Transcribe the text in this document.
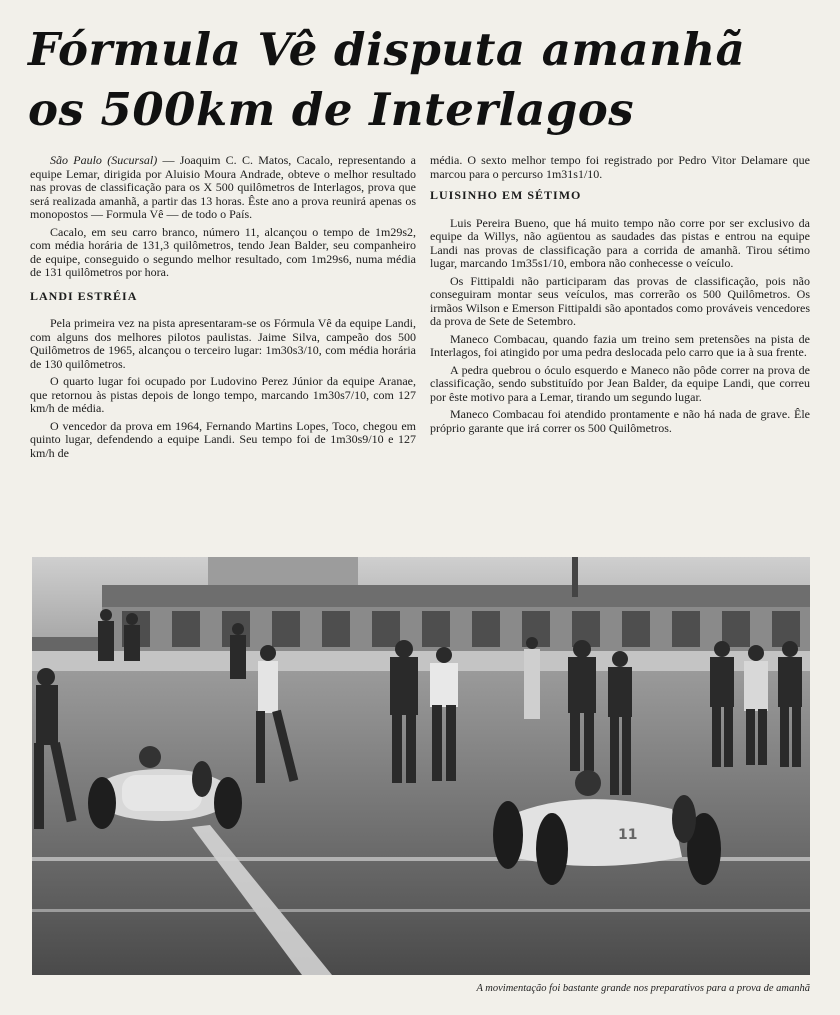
Fórmula Vê disputa amanhã
os 500km de Interlagos

São Paulo (Sucursal) — Joaquim C. C. Matos, Cacalo, representando a equipe Lemar, dirigida por Aluisio Moura Andrade, obteve o melhor resultado nas provas de classificação para os X 500 quilômetros de Interlagos, prova que será realizada amanhã, a partir das 13 horas. Êste ano a prova reunirá apenas os monopostos — Formula Vê — de todo o País.

Cacalo, em seu carro branco, número 11, alcançou o tempo de 1m29s2, com média horária de 131,3 quilômetros, tendo Jean Balder, seu companheiro de equipe, conseguido o segundo melhor resultado, com 1m29s6, numa média de 131 quilômetros por hora.

LANDI ESTRÉIA

Pela primeira vez na pista apresentaram-se os Fórmula Vê da equipe Landi, com alguns dos melhores pilotos paulistas. Jaime Silva, campeão dos 500 Quilômetros de 1965, alcançou o terceiro lugar: 1m30s3/10, com média horária de 130 quilômetros.

O quarto lugar foi ocupado por Ludovino Perez Júnior da equipe Aranae, que retornou às pistas depois de longo tempo, marcando 1m30s7/10, com 127 km/h de média.

O vencedor da prova em 1964, Fernando Martins Lopes, Toco, chegou em quinto lugar, defendendo a equipe Landi. Seu tempo foi de 1m30s9/10 e 127 km/h de

média. O sexto melhor tempo foi registrado por Pedro Vitor Delamare que marcou para o percurso 1m31s1/10.

LUISINHO EM SÉTIMO

Luis Pereira Bueno, que há muito tempo não corre por ser exclusivo da equipe da Willys, não agüentou as saudades das pistas e entrou na equipe Landi nas provas de classificação para a corrida de amanhã. Tirou sétimo lugar, marcando 1m35s1/10, embora não conhecesse o veículo.

Os Fittipaldi não participaram das provas de classificação, pois não conseguiram montar seus veículos, mas correrão os 500 Quilômetros. Os irmãos Wilson e Emerson Fittipaldi são apontados como prováveis vencedores da prova de Sete de Setembro.

Maneco Combacau, quando fazia um treino sem pretensões na pista de Interlagos, foi atingido por uma pedra deslocada pelo carro que ia à sua frente.

A pedra quebrou o óculo esquerdo e Maneco não pôde correr na prova de classificação, sendo substituído por Jean Balder, da equipe Landi, que correu por êste motivo para a Lemar, tirando um segundo lugar.

Maneco Combacau foi atendido prontamente e não há nada de grave. Êle próprio garante que irá correr os 500 Quilômetros.

11
A movimentação foi bastante grande nos preparativos para a prova de amanhã
